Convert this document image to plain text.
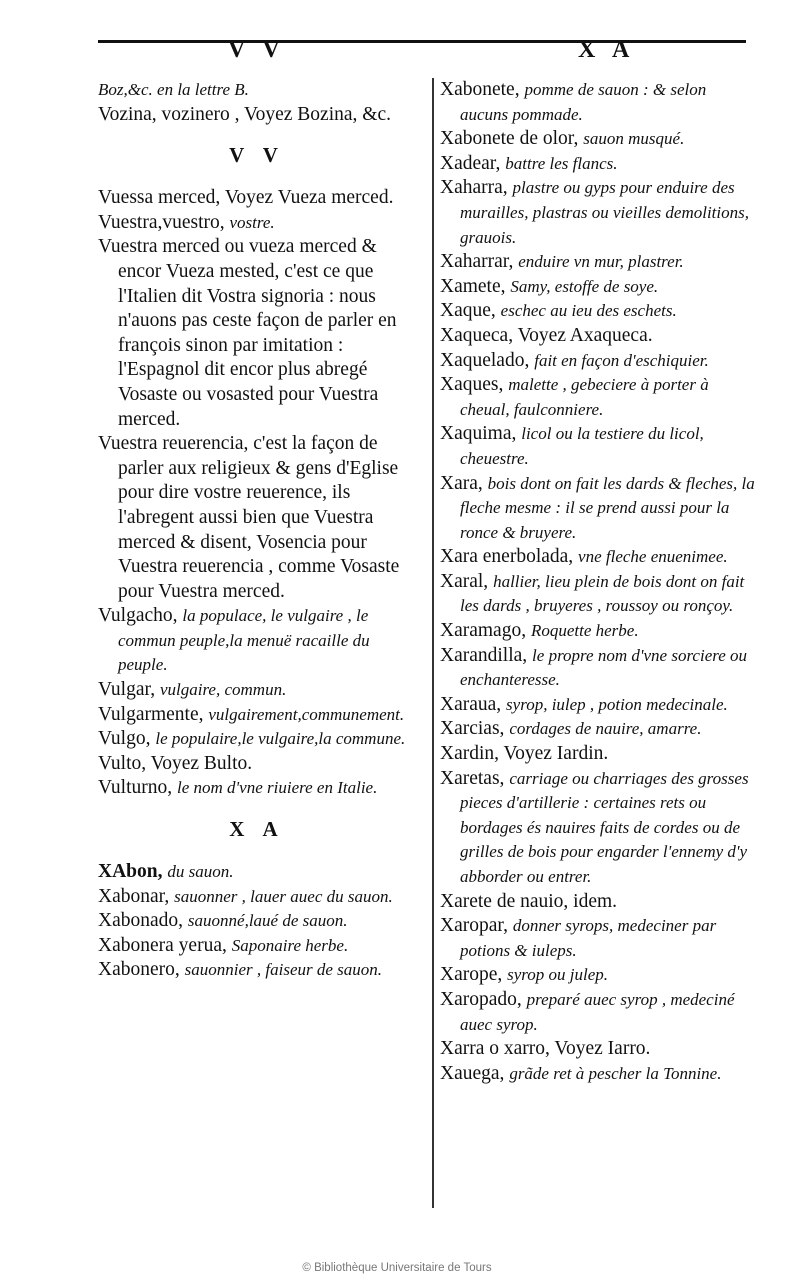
V V	X A
Boz,&c. en la lettre B.
Vozina, vozinero , Voyez Bozina, &c.
V V
Vuessa merced, Voyez Vueza merced.
Vuestra,vuestro, vostre.
Vuestra merced ou vueza merced & encor Vueza mested, c'est ce que l'Italien dit Vostra signoria : nous n'auons pas ceste façon de parler en françois sinon par imitation : l'Espagnol dit encor plus abregé Vosaste ou vosasted pour Vuestra merced.
Vuestra reuerencia, c'est la façon de parler aux religieux & gens d'Eglise pour dire vostre reuerence, ils l'abregent aussi bien que Vuestra merced & disent, Vosencia pour Vuestra reuerencia , comme Vosaste pour Vuestra merced.
Vulgacho, la populace, le vulgaire , le commun peuple,la menuë racaille du peuple.
Vulgar, vulgaire, commun.
Vulgarmente, vulgairement,communement.
Vulgo, le populaire,le vulgaire,la commune.
Vulto, Voyez Bulto.
Vulturno, le nom d'vne riuiere en Italie.
X A
XAbon, du sauon.
Xabonar, sauonner , lauer auec du sauon.
Xabonado, sauonné,laué de sauon.
Xabonera yerua, Saponaire herbe.
Xabonero, sauonnier , faiseur de sauon.
Xabonete, pomme de sauon : & selon aucuns pommade.
Xabonete de olor, sauon musqué.
Xadear, battre les flancs.
Xaharra, plastre ou gyps pour enduire des murailles, plastras ou vieilles demolitions, grauois.
Xaharrar, enduire vn mur, plastrer.
Xamete, Samy, estoffe de soye.
Xaque, eschec au ieu des eschets.
Xaqueca, Voyez Axaqueca.
Xaquelado, fait en façon d'eschiquier.
Xaques, malette , gebeciere à porter à cheual, faulconniere.
Xaquima, licol ou la testiere du licol, cheuestre.
Xara, bois dont on fait les dards & fleches, la fleche mesme : il se prend aussi pour la ronce & bruyere.
Xara enerbolada, vne fleche enuenimee.
Xaral, hallier, lieu plein de bois dont on fait les dards , bruyeres , roussoy ou ronçoy.
Xaramago, Roquette herbe.
Xarandilla, le propre nom d'vne sorciere ou enchanteresse.
Xaraua, syrop, iulep , potion medecinale.
Xarcias, cordages de nauire, amarre.
Xardin, Voyez Iardin.
Xaretas, carriage ou charriages des grosses pieces d'artillerie : certaines rets ou bordages és nauires faits de cordes ou de grilles de bois pour engarder l'ennemy d'y abborder ou entrer.
Xarete de nauio, idem.
Xaropar, donner syrops, medeciner par potions & iuleps.
Xarope, syrop ou julep.
Xaropado, preparé auec syrop , medeciné auec syrop.
Xarra o xarro, Voyez Iarro.
Xauega, grãde ret à pescher la Tonnine.
© Bibliothèque Universitaire de Tours
